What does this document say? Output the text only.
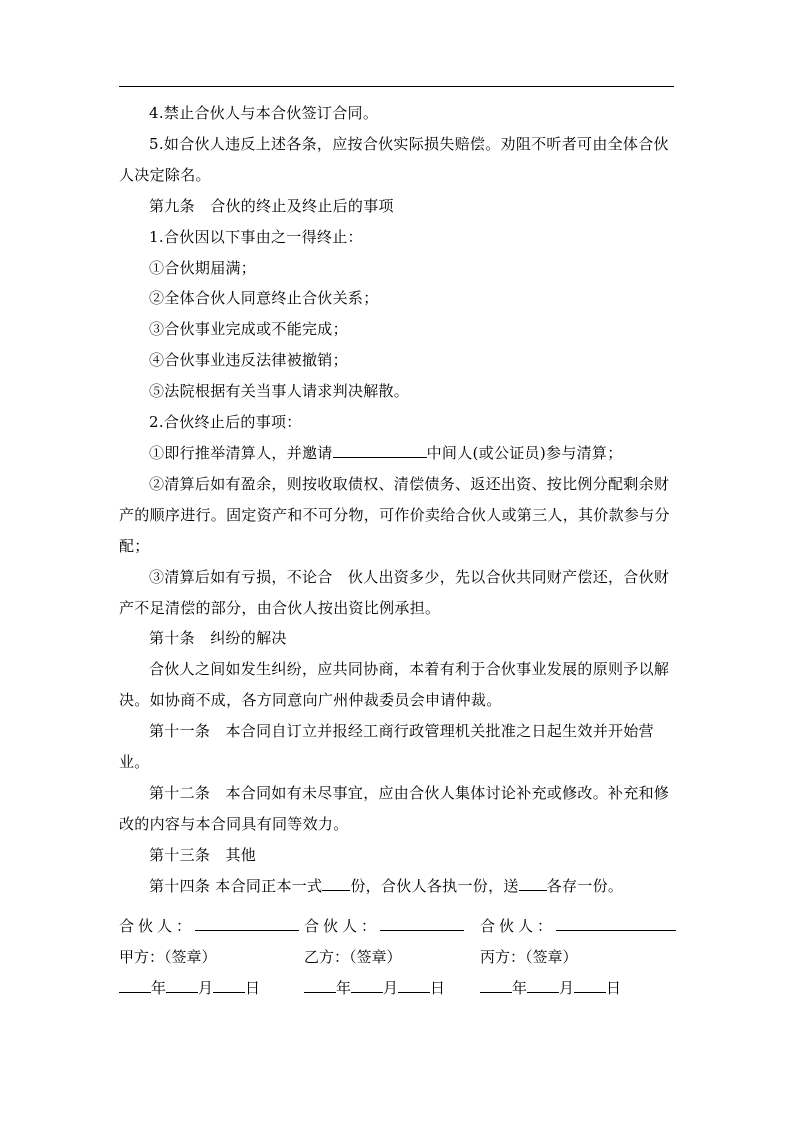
4.禁止合伙人与本合伙签订合同。

5.如合伙人违反上述各条，应按合伙实际损失赔偿。劝阻不听者可由全体合伙人决定除名。

第九条　合伙的终止及终止后的事项

1.合伙因以下事由之一得终止：

①合伙期届满；

②全体合伙人同意终止合伙关系；

③合伙事业完成或不能完成；

④合伙事业违反法律被撤销；

⑤法院根据有关当事人请求判决解散。

2.合伙终止后的事项：

①即行推举清算人，并邀请	中间人(或公证员)参与清算；

②清算后如有盈余，则按收取债权、清偿债务、返还出资、按比例分配剩余财产的顺序进行。固定资产和不可分物，可作价卖给合伙人或第三人，其价款参与分配；

③清算后如有亏损，不论合　伙人出资多少，先以合伙共同财产偿还，合伙财产不足清偿的部分，由合伙人按出资比例承担。

第十条　纠纷的解决

合伙人之间如发生纠纷，应共同协商，本着有利于合伙事业发展的原则予以解决。如协商不成，各方同意向广州仲裁委员会申请仲裁。

第十一条　本合同自订立并报经工商行政管理机关批准之日起生效并开始营业。

第十二条　本合同如有未尽事宜，应由合伙人集体讨论补充或修改。补充和修改的内容与本合同具有同等效力。

第十三条　其他

第十四条 本合同正本一式 份，合伙人各执一份，送 各存一份。

合伙人：	合伙人：	合伙人：
甲方：（签章）	乙方：（签章）	丙方：（签章）
年 月 日	年 月 日	年 月 日
